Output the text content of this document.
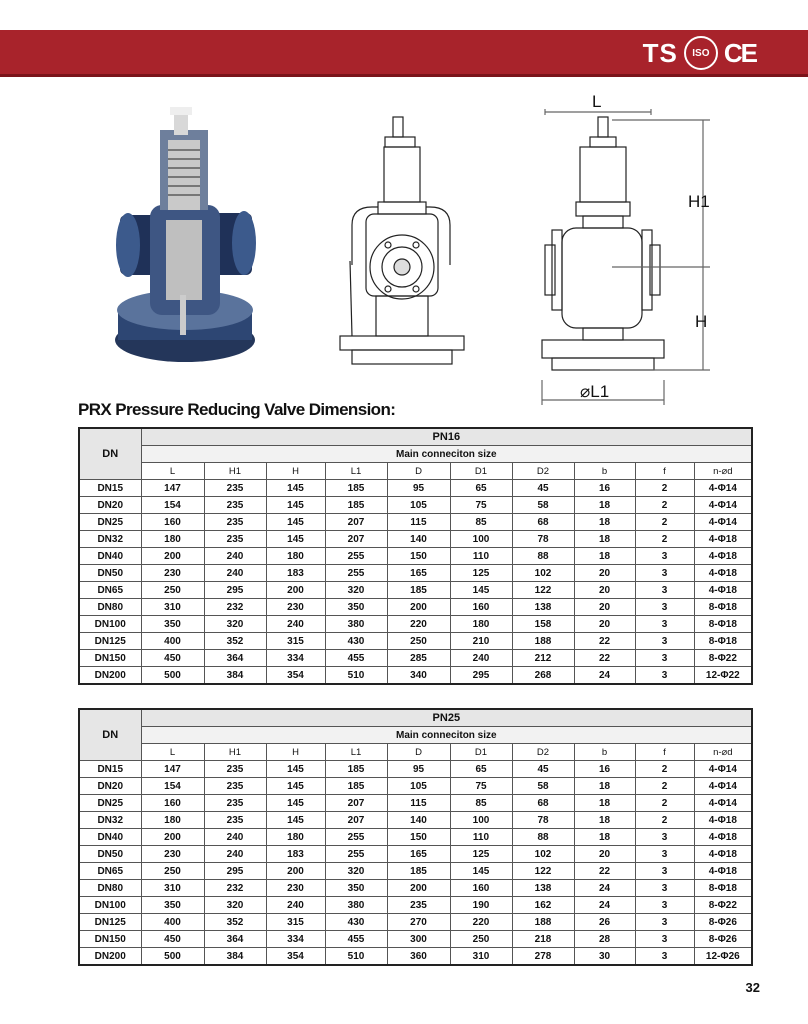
TS	ISO CE
L
H1
H
⌀L1
PRX Pressure Reducing Valve Dimension:
DN	PN16									
	Main conneciton size									
	L	H1	H	L1	D	D1	D2	b	f	n-⌀d
DN15	147	235	145	185	95	65	45	16	2	4-Φ14
DN20	154	235	145	185	105	75	58	18	2	4-Φ14
DN25	160	235	145	207	115	85	68	18	2	4-Φ14
DN32	180	235	145	207	140	100	78	18	2	4-Φ18
DN40	200	240	180	255	150	110	88	18	3	4-Φ18
DN50	230	240	183	255	165	125	102	20	3	4-Φ18
DN65	250	295	200	320	185	145	122	20	3	4-Φ18
DN80	310	232	230	350	200	160	138	20	3	8-Φ18
DN100	350	320	240	380	220	180	158	20	3	8-Φ18
DN125	400	352	315	430	250	210	188	22	3	8-Φ18
DN150	450	364	334	455	285	240	212	22	3	8-Φ22
DN200	500	384	354	510	340	295	268	24	3	12-Φ22
DN	PN25									
	Main conneciton size									
	L	H1	H	L1	D	D1	D2	b	f	n-⌀d
DN15	147	235	145	185	95	65	45	16	2	4-Φ14
DN20	154	235	145	185	105	75	58	18	2	4-Φ14
DN25	160	235	145	207	115	85	68	18	2	4-Φ14
DN32	180	235	145	207	140	100	78	18	2	4-Φ18
DN40	200	240	180	255	150	110	88	18	3	4-Φ18
DN50	230	240	183	255	165	125	102	20	3	4-Φ18
DN65	250	295	200	320	185	145	122	22	3	4-Φ18
DN80	310	232	230	350	200	160	138	24	3	8-Φ18
DN100	350	320	240	380	235	190	162	24	3	8-Φ22
DN125	400	352	315	430	270	220	188	26	3	8-Φ26
DN150	450	364	334	455	300	250	218	28	3	8-Φ26
DN200	500	384	354	510	360	310	278	30	3	12-Φ26
32
